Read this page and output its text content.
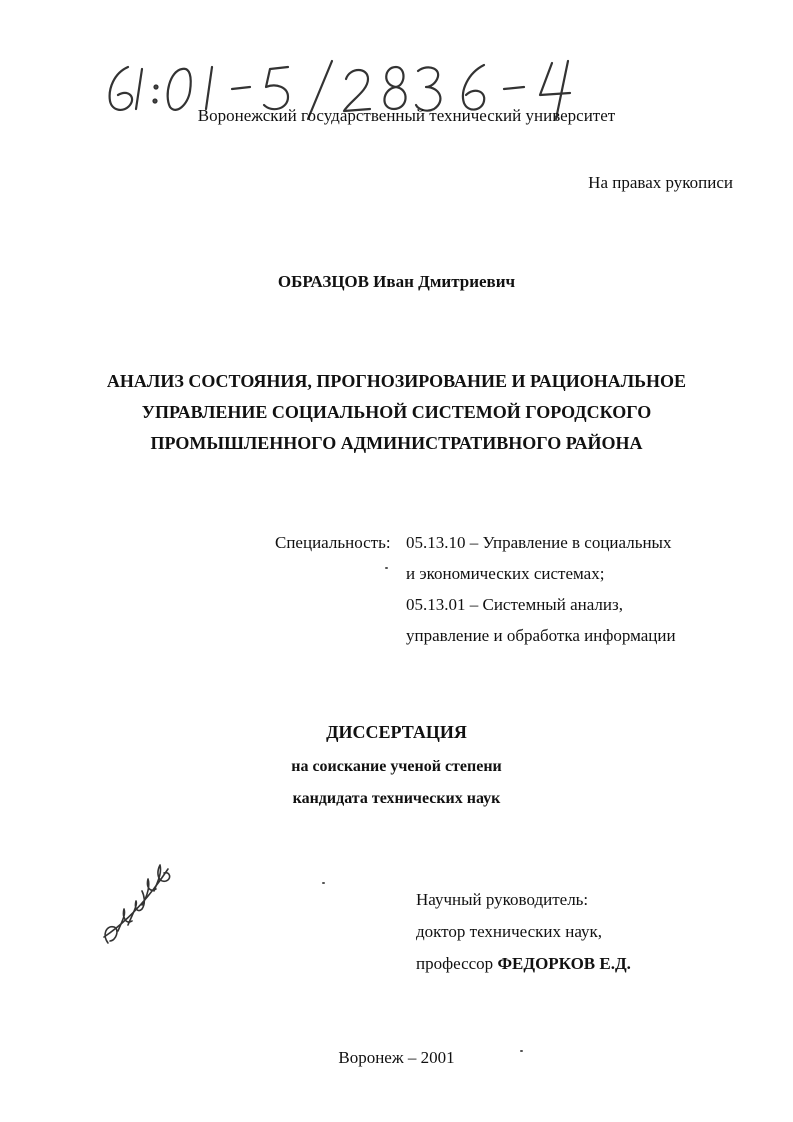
Воронежский государственный технический университет
На правах рукописи
ОБРАЗЦОВ Иван Дмитриевич
АНАЛИЗ СОСТОЯНИЯ, ПРОГНОЗИРОВАНИЕ И РАЦИОНАЛЬНОЕ
УПРАВЛЕНИЕ СОЦИАЛЬНОЙ СИСТЕМОЙ ГОРОДСКОГО
ПРОМЫШЛЕННОГО АДМИНИСТРАТИВНОГО РАЙОНА
Специальность: 05.13.10 – Управление в социальных
и экономических системах;
05.13.01 – Системный анализ,
управление и обработка информации
ДИССЕРТАЦИЯ
на соискание ученой степени
кандидата технических наук
Научный руководитель:
доктор технических наук,
профессор ФЕДОРКОВ Е.Д.
Воронеж – 2001
